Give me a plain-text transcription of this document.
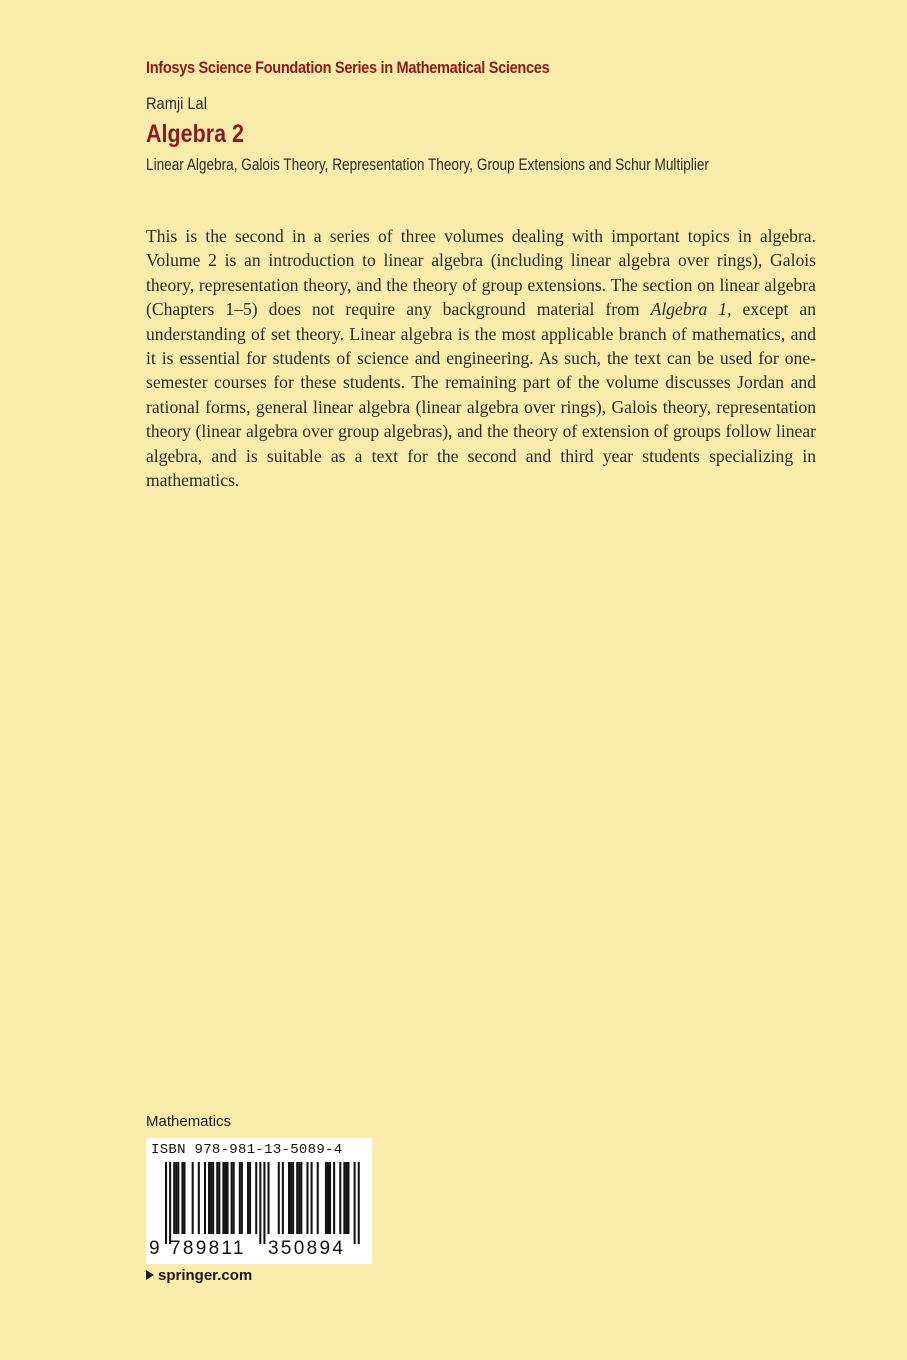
Infosys Science Foundation Series in Mathematical Sciences
Ramji Lal
Algebra 2
Linear Algebra, Galois Theory, Representation Theory, Group Extensions and Schur Multiplier

This is the second in a series of three volumes dealing with important topics in algebra. Volume 2 is an introduction to linear algebra (including linear algebra over rings), Galois theory, representation theory, and the theory of group extensions. The section on linear algebra (Chapters 1–5) does not require any background material from Algebra 1, except an understanding of set theory. Linear algebra is the most applicable branch of mathematics, and it is essential for students of science and engineering. As such, the text can be used for one-semester courses for these students. The remaining part of the volume discusses Jordan and rational forms, general linear algebra (linear algebra over rings), Galois theory, representation theory (linear algebra over group algebras), and the theory of extension of groups follow linear algebra, and is suitable as a text for the second and third year students specializing in mathematics.

Mathematics
ISBN 978-981-13-5089-4
9 789811 350894
springer.com
